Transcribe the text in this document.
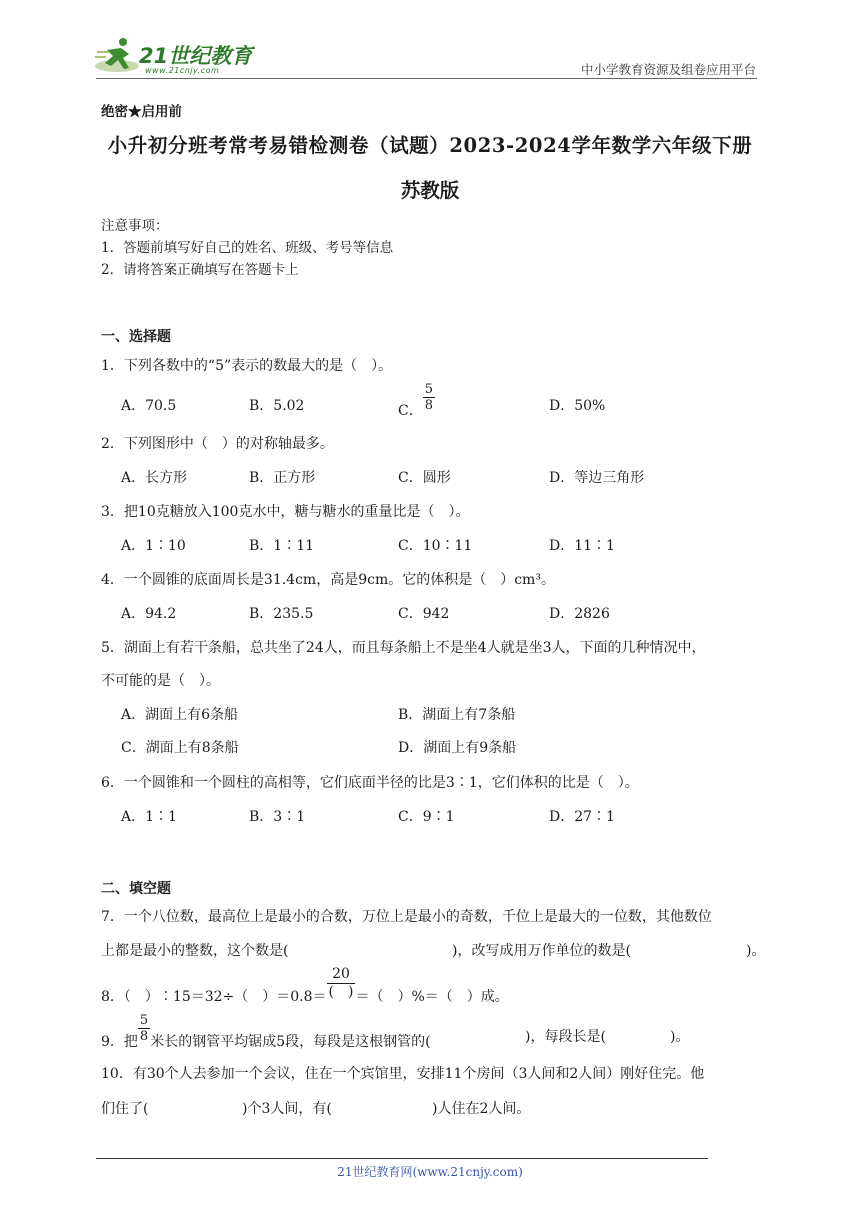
21世纪教育
www.21cnjy.com	中小学教育资源及组卷应用平台
绝密★启用前
小升初分班考常考易错检测卷（试题）2023-2024学年数学六年级下册
苏教版
注意事项：
1．答题前填写好自己的姓名、班级、考号等信息
2．请将答案正确填写在答题卡上
一、选择题
1．下列各数中的“5”表示的数最大的是（　）。
A．70.5	B．5.02	C． $\frac{5}{8}$	D．50%
2．下列图形中（　）的对称轴最多。
A．长方形	B．正方形	C．圆形	D．等边三角形
3．把10克糖放入100克水中，糖与糖水的重量比是（　）。
A．1∶10	B．1∶11	C．10∶11	D．11∶1
4．一个圆锥的底面周长是31.4cm，高是9cm。它的体积是（　）cm³。
A．94.2	B．235.5	C．942	D．2826
5．湖面上有若干条船，总共坐了24人，而且每条船上不是坐4人就是坐3人，下面的几种情况中，
不可能的是（　）。
A．湖面上有6条船	B．湖面上有7条船
C．湖面上有8条船	D．湖面上有9条船
6．一个圆锥和一个圆柱的高相等，它们底面半径的比是3∶1，它们体积的比是（　）。
A．1∶1	B．3∶1	C．9∶1	D．27∶1
二、填空题
7．一个八位数，最高位上是最小的合数，万位上是最小的奇数，千位上是最大的一位数，其他数位
上都是最小的整数，这个数是(	)，改写成用万作单位的数是(	)。
8．（　）∶15＝32÷（　）$=0.8= \frac{20}{( )}$ ＝（　）%＝（　）成。
9．把 $\frac{5}{8}$ 米长的钢管平均锯成5段，每段是这根钢管的(	)，每段长是(	)。
10．有30个人去参加一个会议，住在一个宾馆里，安排11个房间（3人间和2人间）刚好住完。他
们住了(	)个3人间，有(	)人住在2人间。
21世纪教育网(www.21cnjy.com)
